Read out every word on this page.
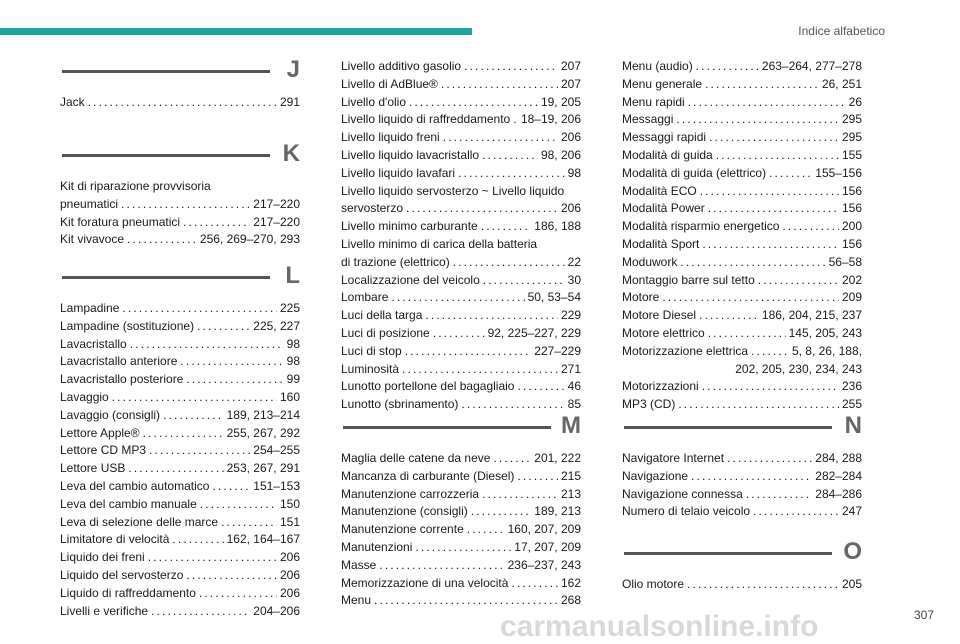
Indice alfabetico
J
Jack . . .	291
K
Kit di riparazione provvisoria
pneumatici . . .	217–220
Kit foratura pneumatici . . .	217–220
Kit vivavoce . . .	256, 269–270, 293
L
Lampadine . . .	225
Lampadine (sostituzione) . . .	225, 227
Lavacristallo . . .	98
Lavacristallo anteriore . . .	98
Lavacristallo posteriore . . .	99
Lavaggio . . .	160
Lavaggio (consigli) . . .	189, 213–214
Lettore Apple® . . .	255, 267, 292
Lettore CD MP3 . . .	254–255
Lettore USB . . .	253, 267, 291
Leva del cambio automatico . . .	151–153
Leva del cambio manuale . . .	150
Leva di selezione delle marce . . .	151
Limitatore di velocità . . .	162, 164–167
Liquido dei freni . . .	206
Liquido del servosterzo . . .	206
Liquido di raffreddamento . . .	206
Livelli e verifiche . . .	204–206
Livello additivo gasolio . . .	207
Livello di AdBlue® . . .	207
Livello d'olio . . .	19, 205
Livello liquido di raffreddamento . . . 18–19, 206
Livello liquido freni . . .	206
Livello liquido lavacristallo . . .	98, 206
Livello liquido lavafari . . .	98
Livello liquido servosterzo ~ Livello liquido
servosterzo . . .	206
Livello minimo carburante . . .	186, 188
Livello minimo di carica della batteria
di trazione (elettrico) . . .	22
Localizzazione del veicolo . . .	30
Lombare . . .	50, 53–54
Luci della targa . . .	229
Luci di posizione . . .	92, 225–227, 229
Luci di stop . . .	227–229
Luminosità . . .	271
Lunotto portellone del bagagliaio . . .	46
Lunotto (sbrinamento) . . .	85
M
Maglia delle catene da neve . . .	201, 222
Mancanza di carburante (Diesel) . . .	215
Manutenzione carrozzeria . . .	213
Manutenzione (consigli) . . .	189, 213
Manutenzione corrente . . .	160, 207, 209
Manutenzioni . . .	17, 207, 209
Masse . . .	236–237, 243
Memorizzazione di una velocità . . .	162
Menu . . .	268
Menu (audio) . . .	263–264, 277–278
Menu generale . . .	26, 251
Menu rapidi . . .	26
Messaggi . . .	295
Messaggi rapidi . . .	295
Modalità di guida . . .	155
Modalità di guida (elettrico) . . .	155–156
Modalità ECO . . .	156
Modalità Power . . .	156
Modalità risparmio energetico . . .	200
Modalità Sport . . .	156
Moduwork . . .	56–58
Montaggio barre sul tetto . . .	202
Motore . . .	209
Motore Diesel . . .	186, 204, 215, 237
Motore elettrico . . .	145, 205, 243
Motorizzazione elettrica . . .	5, 8, 26, 188,
202, 205, 230, 234, 243
Motorizzazioni . . .	236
MP3 (CD) . . .	255
N
Navigatore Internet . . .	284, 288
Navigazione . . .	282–284
Navigazione connessa . . .	284–286
Numero di telaio veicolo . . .	247
O
Olio motore . . .	205
carmanualsonline.info	307
